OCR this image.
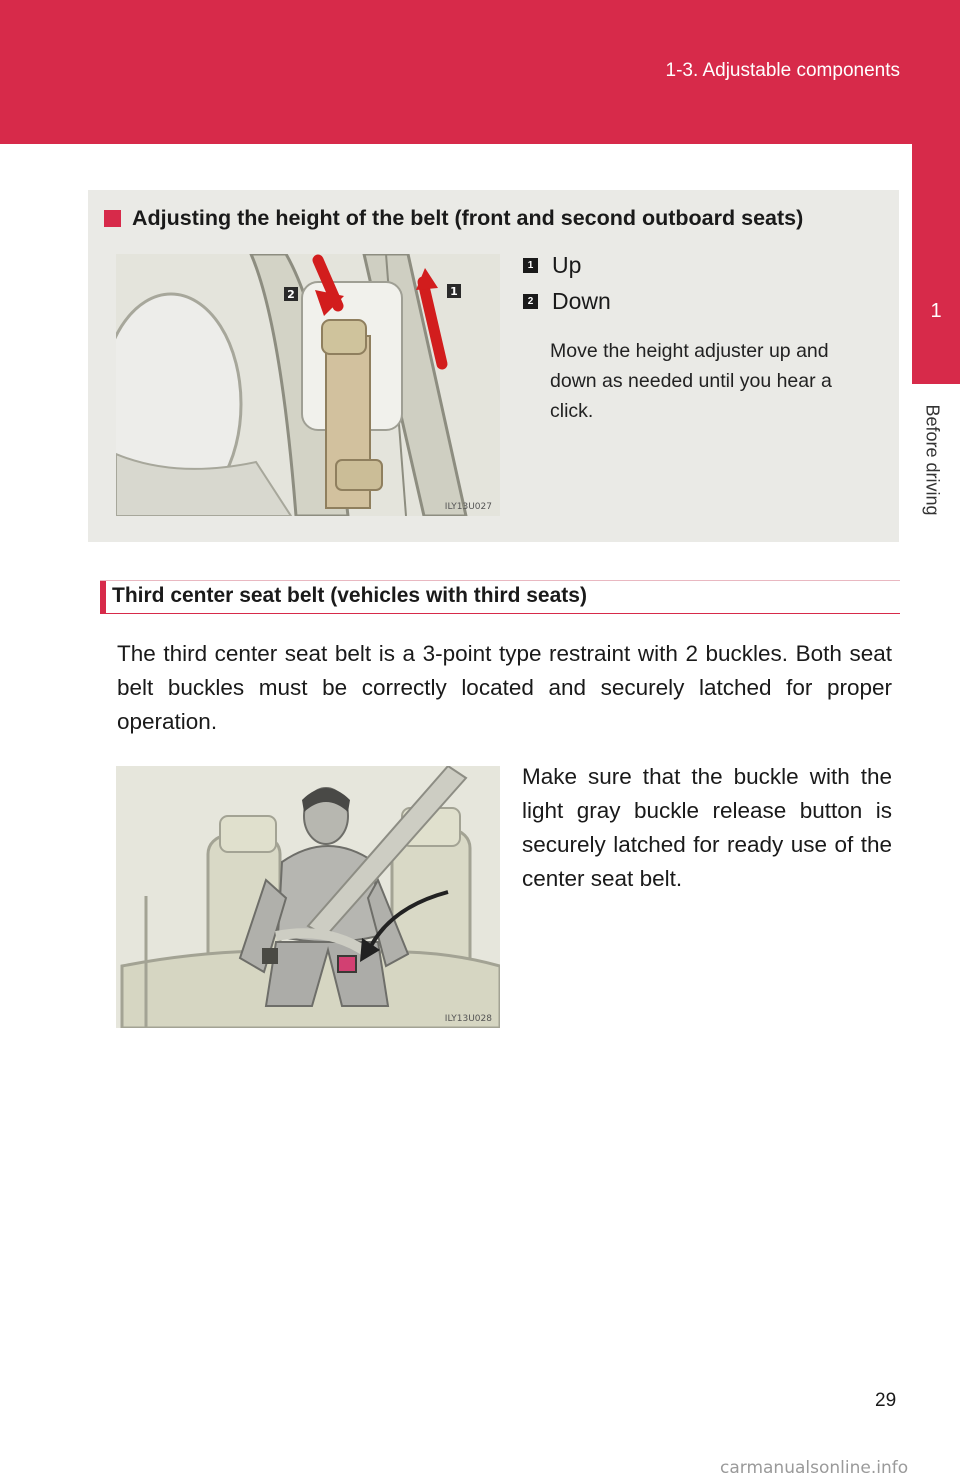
1-3. Adjustable components
1
Before driving
Adjusting the height of the belt (front and second outboard seats)
2	1
ILY13U027
1 Up
2 Down
Move the height adjuster up and down as needed until you hear a click.
Third center seat belt (vehicles with third seats)
The third center seat belt is a 3-point type restraint with 2 buckles. Both seat belt buckles must be correctly located and securely latched for proper operation.
ILY13U028
Make sure that the buckle with the light gray buckle release button is securely latched for ready use of the center seat belt.
29
carmanualsonline.info
